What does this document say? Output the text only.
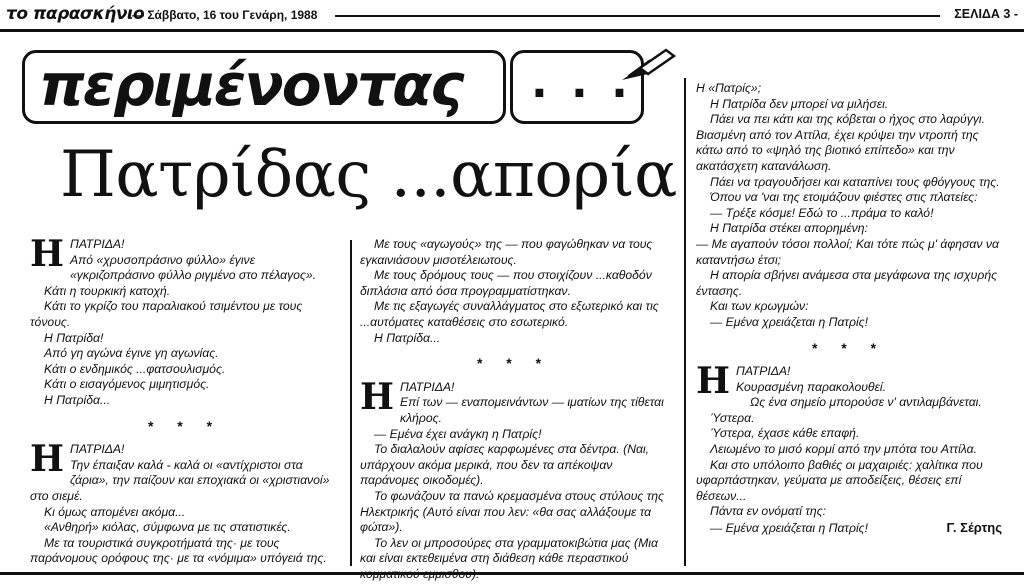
το παρασκήνιο
— Σάββατο, 16 του Γενάρη, 1988	ΣΕΛΙΔΑ 3 -
περιμένοντας . . .
Πατρίδας ...απορία
Η ΠΑΤΡΙΔΑ!

Από «χρυσοπράσινο φύλλο» έγινε «γκριζοπράσινο φύλλο ριγμένο στο πέλαγος».

Κάτι η τουρκική κατοχή.

Κάτι το γκρίζο του παραλιακού τσιμέντου με τους τόνους.

Η Πατρίδα!

Από γη αγώνα έγινε γη αγωνίας.

Κάτι ο ενδημικός ...φατσουλισμός.

Κάτι ο εισαγόμενος μιμητισμός.

Η Πατρίδα...

* * *
Η ΠΑΤΡΙΔΑ!

Την έπαιξαν καλά - καλά οι «αντίχριστοι στα ζάρια», την παίζουν και εποχιακά οι «χριστιανοί» στο σιεμέ.

Κι όμως απομένει ακόμα...

«Ανθηρή» κιόλας, σύμφωνα με τις στατιστικές.

Με τα τουριστικά συγκροτήματά της· με τους παράνομους ορόφους της· με τα «νόμιμα» υπόγειά της.

Με τους «αγωγούς» της — που φαγώθηκαν να τους εγκαινιάσουν μισοτέλειωτους.

Με τους δρόμους τους — που στοιχίζουν ...καθοδόν διπλάσια από όσα προγραμματίστηκαν.

Με τις εξαγωγές συναλλάγματος στο εξωτερικό και τις ...αυτόματες καταθέσεις στο εσωτερικό.

Η Πατρίδα...

* * *
Η ΠΑΤΡΙΔΑ!

Επί των — εναπομεινάντων — ιματίων της τίθεται κλήρος.

— Εμένα έχει ανάγκη η Πατρίς!

Το διαλαλούν αφίσες καρφωμένες στα δέντρα. (Ναι, υπάρχουν ακόμα μερικά, που δεν τα απέκοψαν παράνομες οικοδομές).

Το φωνάζουν τα πανώ κρεμασμένα στους στύλους της Ηλεκτρικής (Αυτό είναι που λεν: «θα σας αλλάξουμε τα φώτα»).

Το λεν οι μπροσούρες στα γραμματοκιβώτια μας (Μια και είναι εκτεθειμένα στη διάθεση κάθε περαστικού

Η «Πατρίς»;

Η Πατρίδα δεν μπορεί να μιλήσει.

Πάει να πει κάτι και της κόβεται ο ήχος στο λαρύγγι. Βιασμένη από τον Αττίλα, έχει κρύψει την ντροπή της κάτω από το «ψηλό της βιοτικό επίπεδο» και την ακατάσχετη κατανάλωση.

Πάει να τραγουδήσει και καταπίνει τους φθόγγους της.

Όπου να 'ναι της ετοιμάζουν φιέστες στις πλατείες:

— Τρέξε κόσμε! Εδώ το ...πράμα το καλό!

Η Πατρίδα στέκει απορημένη:

— Με αγαπούν τόσοι πολλοί; Και τότε πώς μ' άφησαν να καταντήσω έτσι;

Η απορία σβήνει ανάμεσα στα μεγάφωνα της ισχυρής έντασης.

Και των κρωγμών:

— Εμένα χρειάζεται η Πατρίς!

* * *
Η ΠΑΤΡΙΔΑ!

Κουρασμένη παρακολουθεί.

Ως ένα σημείο μπορούσε ν' αντιλαμβάνεται.

Ύστερα.

Ύστερα, έχασε κάθε επαφή.

Λειωμένο το μισό κορμί από την μπότα του Αττίλα.

Και στο υπόλοιπο βαθιές οι μαχαιριές: χαλίτικα που υφαρπάστηκαν, γεύματα με αποδείξεις, θέσεις επί θέσεων...

Πάντα εν ονόματί της:

— Εμένα χρειάζεται η Πατρίς!	Γ. Σέρτης
